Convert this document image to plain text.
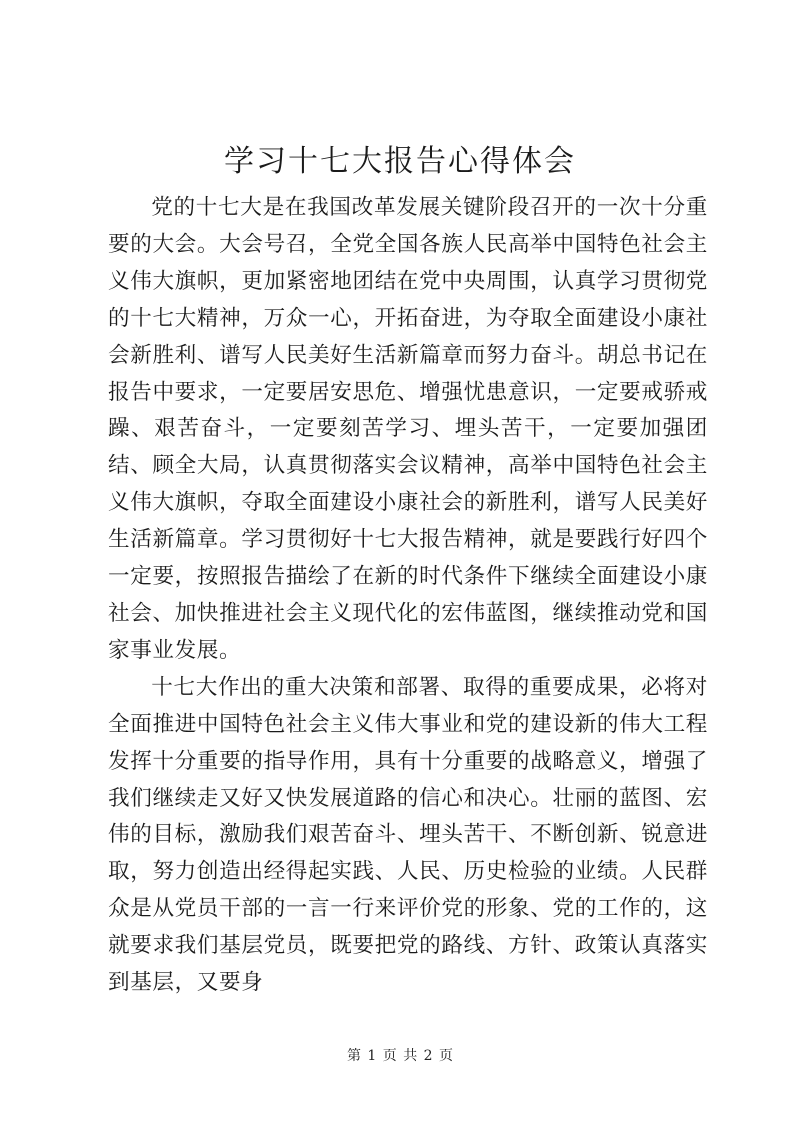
学习十七大报告心得体会

党的十七大是在我国改革发展关键阶段召开的一次十分重要的大会。大会号召，全党全国各族人民高举中国特色社会主义伟大旗帜，更加紧密地团结在党中央周围，认真学习贯彻党的十七大精神，万众一心，开拓奋进，为夺取全面建设小康社会新胜利、谱写人民美好生活新篇章而努力奋斗。胡总书记在报告中要求，一定要居安思危、增强忧患意识，一定要戒骄戒躁、艰苦奋斗，一定要刻苦学习、埋头苦干，一定要加强团结、顾全大局，认真贯彻落实会议精神，高举中国特色社会主义伟大旗帜，夺取全面建设小康社会的新胜利，谱写人民美好生活新篇章。学习贯彻好十七大报告精神，就是要践行好四个一定要，按照报告描绘了在新的时代条件下继续全面建设小康社会、加快推进社会主义现代化的宏伟蓝图，继续推动党和国家事业发展。

十七大作出的重大决策和部署、取得的重要成果，必将对全面推进中国特色社会主义伟大事业和党的建设新的伟大工程发挥十分重要的指导作用，具有十分重要的战略意义，增强了我们继续走又好又快发展道路的信心和决心。壮丽的蓝图、宏伟的目标，激励我们艰苦奋斗、埋头苦干、不断创新、锐意进取，努力创造出经得起实践、人民、历史检验的业绩。人民群众是从党员干部的一言一行来评价党的形象、党的工作的，这就要求我们基层党员，既要把党的路线、方针、政策认真落实到基层，又要身

第 1 页 共 2 页
